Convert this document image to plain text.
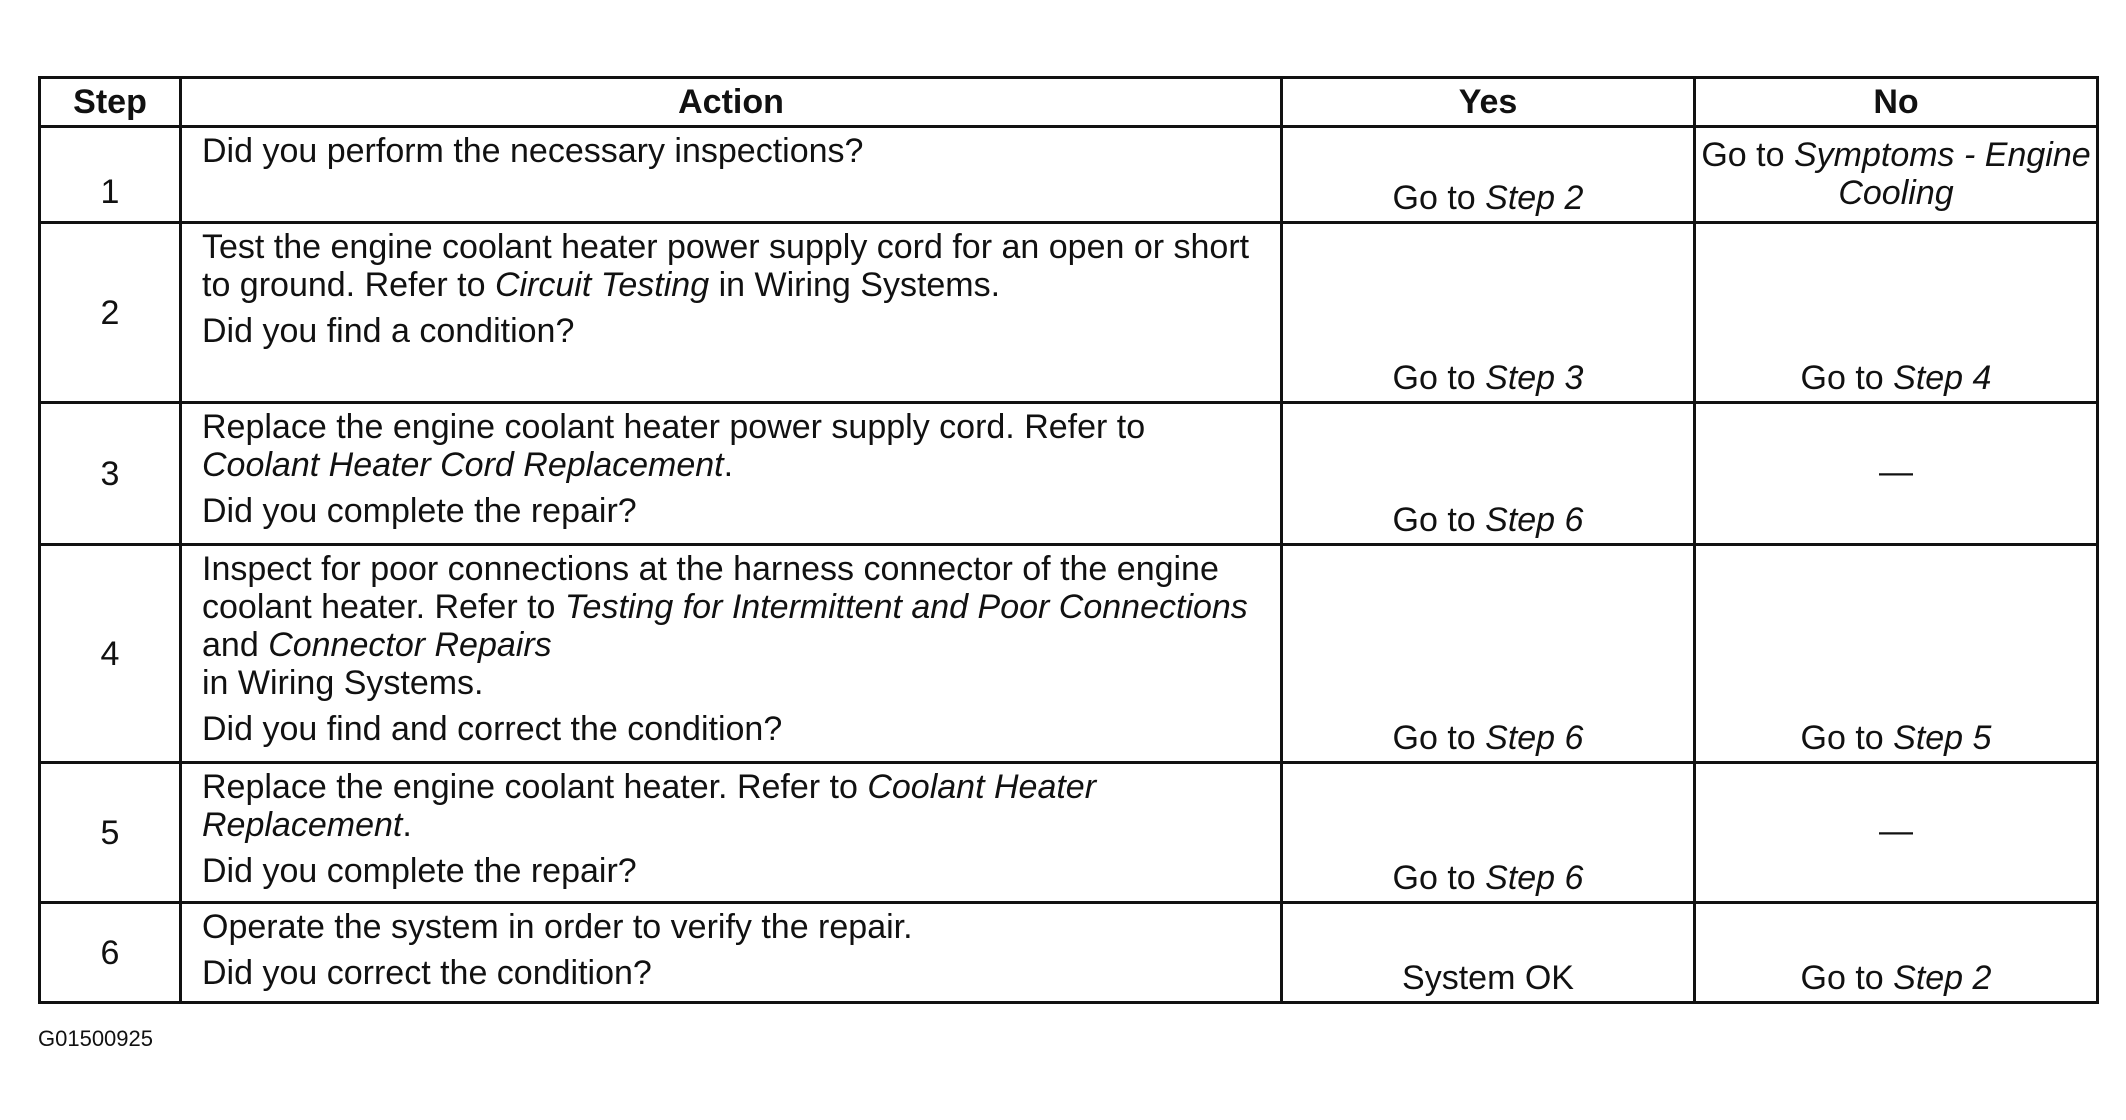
Step	Action	Yes	No
1	Did you perform the necessary inspections?	Go to Step 2	Go to Symptoms - Engine Cooling
2	Test the engine coolant heater power supply cord for an open or short to ground. Refer to Circuit Testing in Wiring Systems.

Did you find a condition?	Go to Step 3	Go to Step 4
3	Replace the engine coolant heater power supply cord. Refer to Coolant Heater Cord Replacement.

Did you complete the repair?	Go to Step 6	—
4	Inspect for poor connections at the harness connector of the engine coolant heater. Refer to Testing for Intermittent and Poor Connections and Connector Repairs

in Wiring Systems.

Did you find and correct the condition?	Go to Step 6	Go to Step 5
5	Replace the engine coolant heater. Refer to Coolant Heater Replacement.

Did you complete the repair?	Go to Step 6	—
6	Operate the system in order to verify the repair.

Did you correct the condition?	System OK	Go to Step 2
G01500925
